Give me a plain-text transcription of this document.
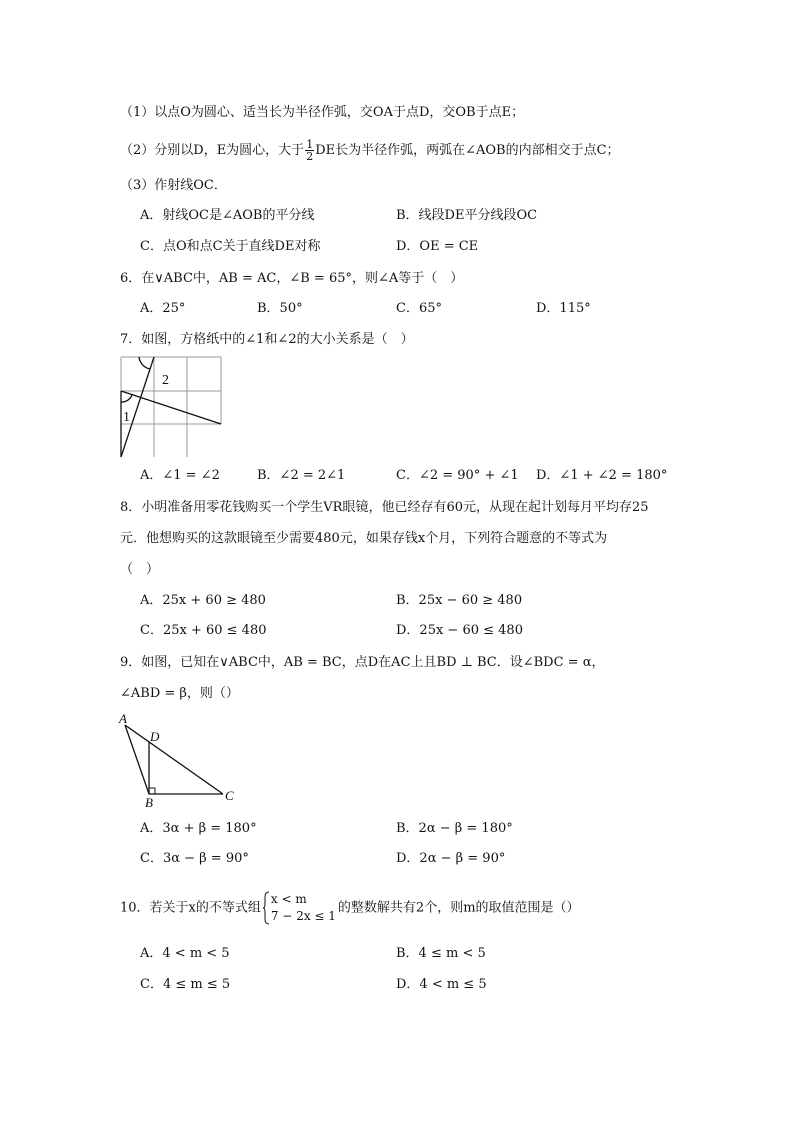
（1）以点O为圆心、适当长为半径作弧，交OA于点D，交OB于点E；
（2）分别以D，E为圆心，大于 $\frac{1}{2}$ DE长为半径作弧，两弧在∠AOB的内部相交于点C；
（3）作射线OC．
A．射线OC是∠AOB的平分线	B．线段DE平分线段OC
C．点O和点C关于直线DE对称	D．OE = CE
6．在∨ABC中，AB = AC，∠B = 65°，则∠A等于（　）
A．25°	B．50°	C．65°	D．115°
7．如图，方格纸中的∠1和∠2的大小关系是（　）
1
2
A．∠1 = ∠2	B．∠2 = 2∠1	C．∠2 = 90° + ∠1 D．∠1 + ∠2 = 180°
8．小明准备用零花钱购买一个学生VR眼镜，他已经存有60元，从现在起计划每月平均存25
元．他想购买的这款眼镜至少需要480元，如果存钱x个月，下列符合题意的不等式为
（　）
A．25x + 60 ≥ 480	B．25x − 60 ≥ 480
C．25x + 60 ≤ 480	D．25x − 60 ≤ 480
9．如图，已知在∨ABC中，AB = BC，点D在AC上且BD ⊥ BC．设∠BDC = α，
∠ABD = β，则（）
A
D
B	C
A．3α + β = 180°	B．2α − β = 180°
C．3α − β = 90°	D．2α − β = 90°
10．若关于x的不等式组
x < m
7 − 2x ≤ 1
的整数解共有2个，则m的取值范围是（）
A．4 < m < 5	B．4 ≤ m < 5
C．4 ≤ m ≤ 5	D．4 < m ≤ 5
